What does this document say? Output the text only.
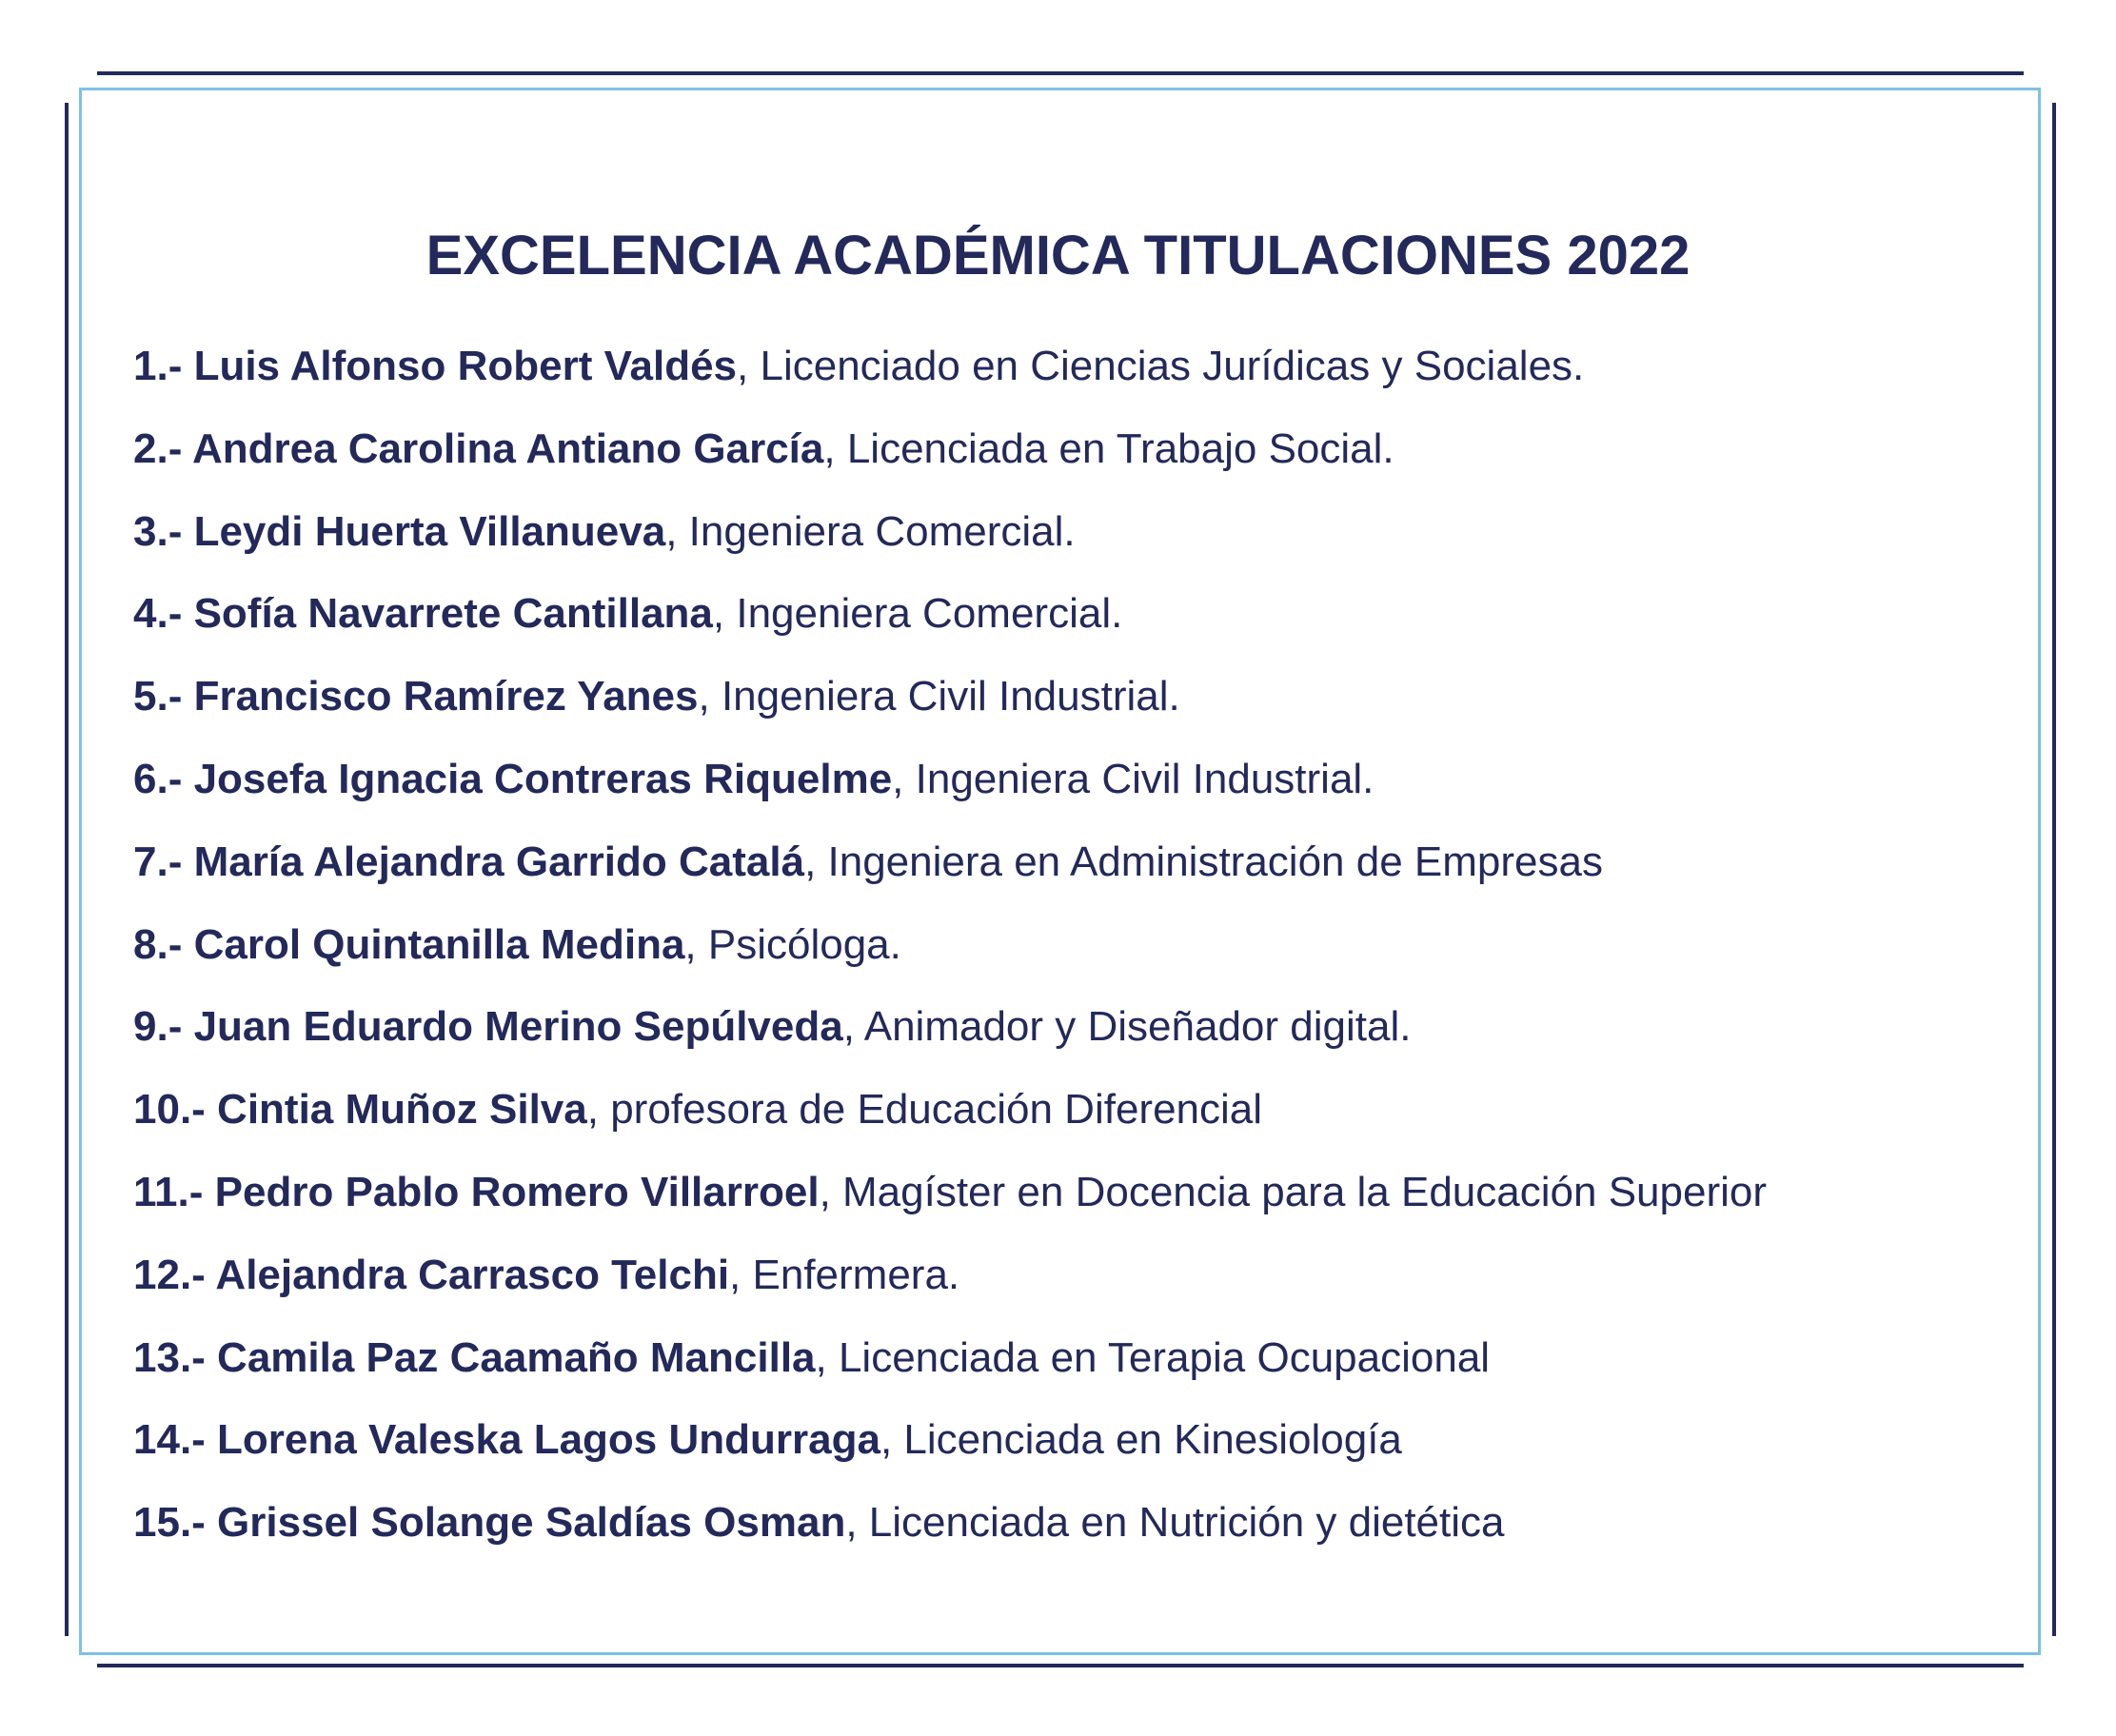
EXCELENCIA ACADÉMICA TITULACIONES 2022
1.- Luis Alfonso Robert Valdés, Licenciado en Ciencias Jurídicas y Sociales.
2.- Andrea Carolina Antiano García, Licenciada en Trabajo Social.
3.- Leydi Huerta Villanueva, Ingeniera Comercial.
4.- Sofía Navarrete Cantillana, Ingeniera Comercial.
5.- Francisco Ramírez Yanes, Ingeniera Civil Industrial.
6.- Josefa Ignacia Contreras Riquelme, Ingeniera Civil Industrial.
7.- María Alejandra Garrido Catalá, Ingeniera en Administración de Empresas
8.- Carol Quintanilla Medina, Psicóloga.
9.- Juan Eduardo Merino Sepúlveda, Animador y Diseñador digital.
10.- Cintia Muñoz Silva, profesora de Educación Diferencial
11.- Pedro Pablo Romero Villarroel, Magíster en Docencia para la Educación Superior
12.- Alejandra Carrasco Telchi, Enfermera.
13.- Camila Paz Caamaño Mancilla, Licenciada en Terapia Ocupacional
14.- Lorena Valeska Lagos Undurraga, Licenciada en Kinesiología
15.- Grissel Solange Saldías Osman, Licenciada en Nutrición y dietética
